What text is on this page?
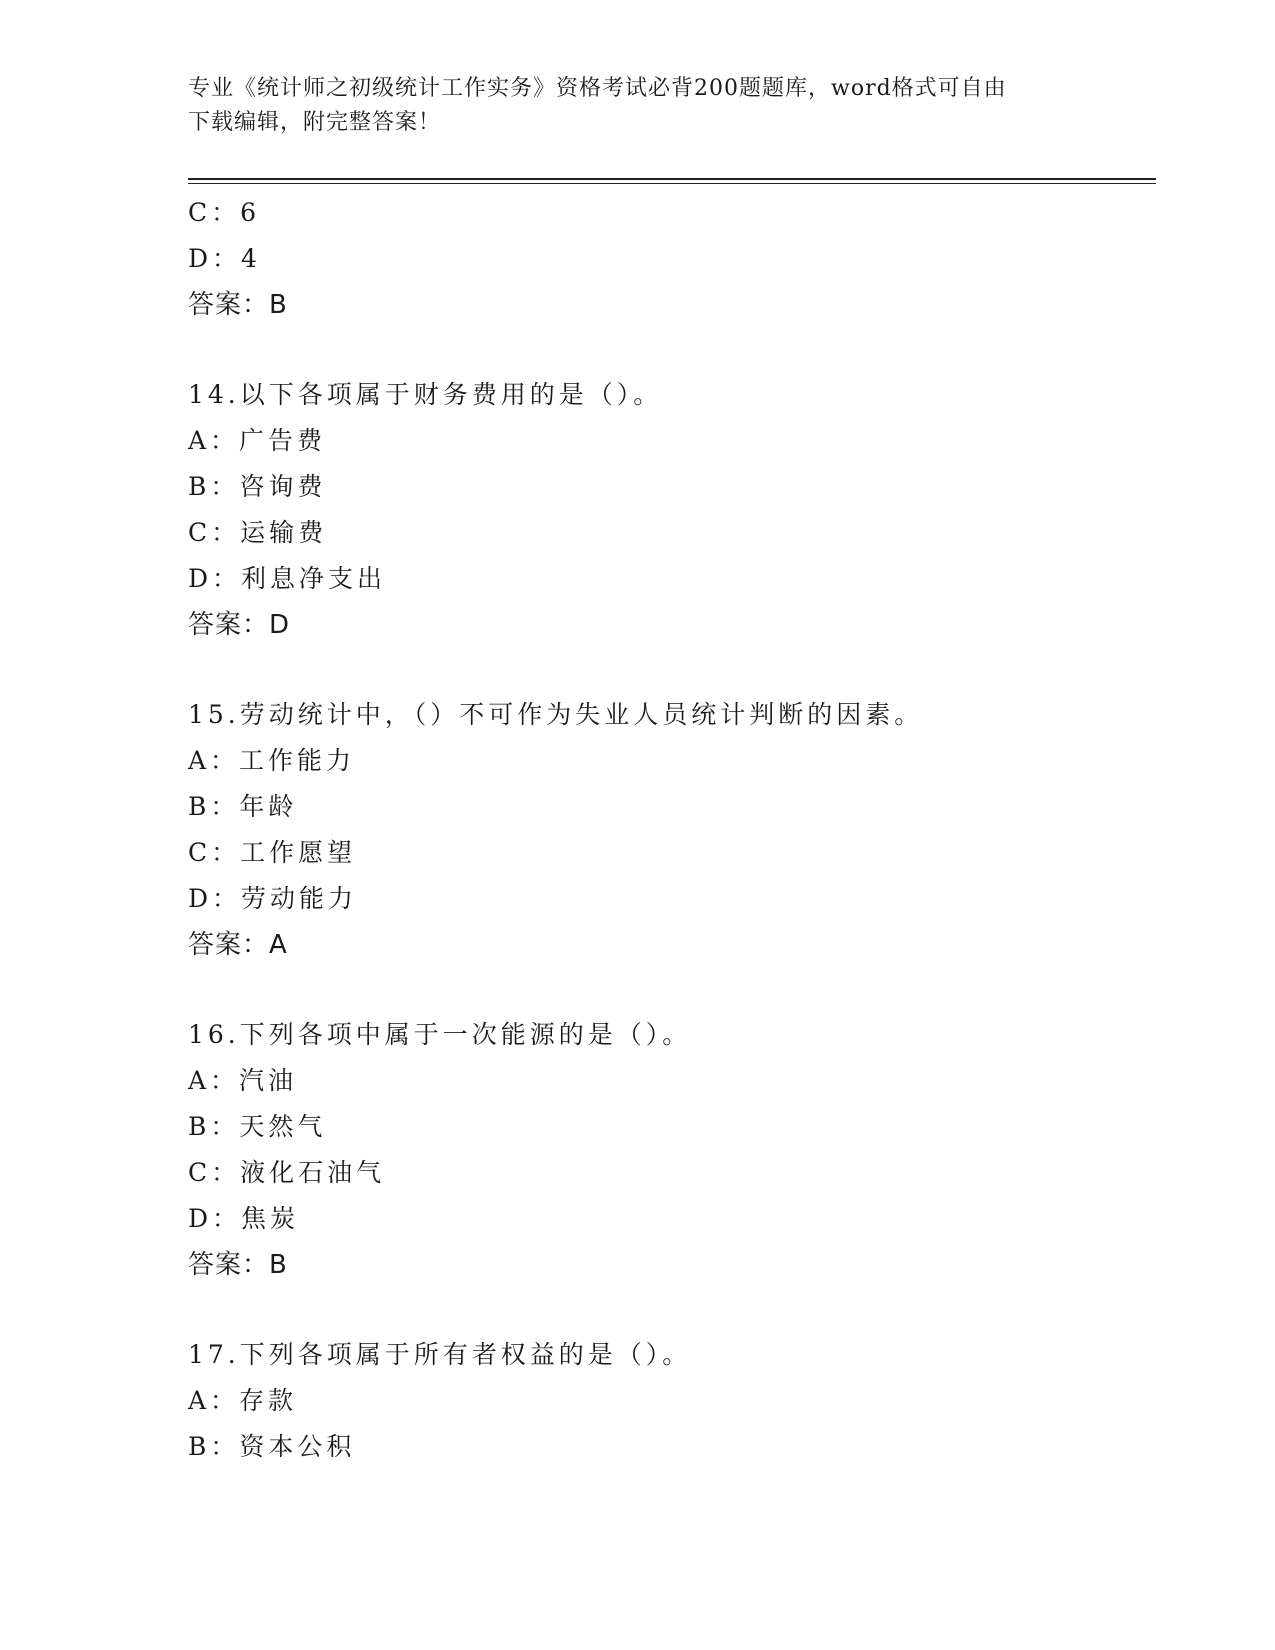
专业《统计师之初级统计工作实务》资格考试必背200题题库，word格式可自由
下载编辑，附完整答案！
C：6
D：4
答案：B
14.以下各项属于财务费用的是（）。
A：广告费
B：咨询费
C：运输费
D：利息净支出
答案：D
15.劳动统计中，（）不可作为失业人员统计判断的因素。
A：工作能力
B：年龄
C：工作愿望
D：劳动能力
答案：A
16.下列各项中属于一次能源的是（）。
A：汽油
B：天然气
C：液化石油气
D：焦炭
答案：B
17.下列各项属于所有者权益的是（）。
A：存款
B：资本公积
